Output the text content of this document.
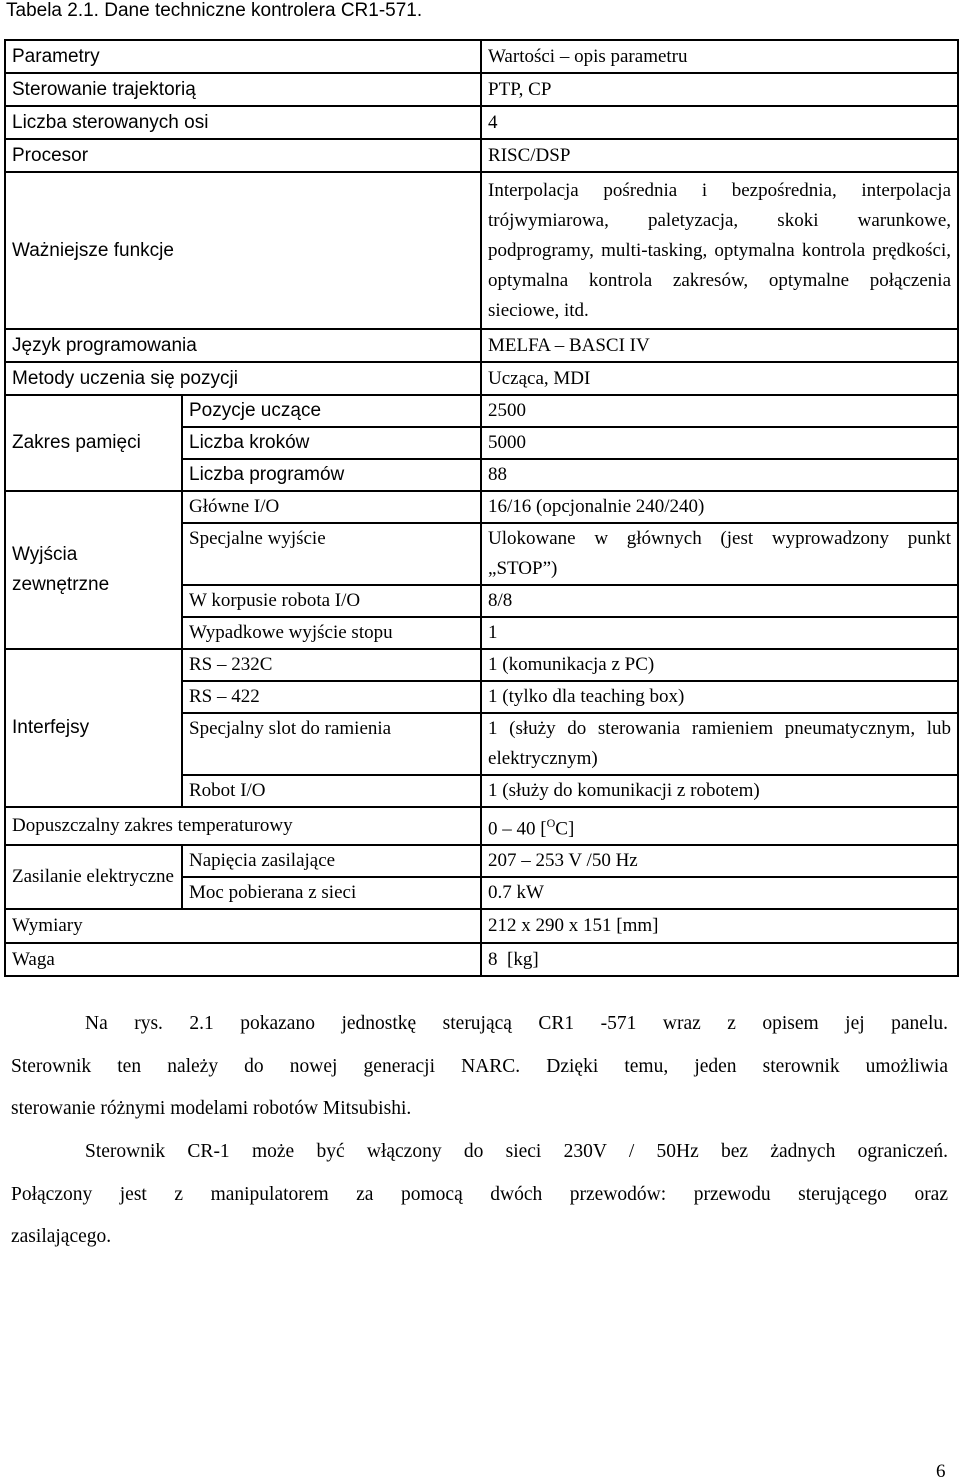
Tabela 2.1. Dane techniczne kontrolera CR1-571.
Parametry		Wartości – opis parametru
Sterowanie trajektorią		PTP, CP
Liczba sterowanych osi		4
Procesor		RISC/DSP
Ważniejsze funkcje		Interpolacja pośrednia i bezpośrednia, interpolacja trójwymiarowa, paletyzacja, skoki warunkowe, podprogramy, multi-tasking, optymalna kontrola prędkości, optymalna kontrola zakresów, optymalne połączenia sieciowe, itd.
Język programowania		MELFA – BASCI IV
Metody uczenia się pozycji		Ucząca, MDI
Zakres pamięci	Pozycje uczące	2500
	Liczba kroków	5000
	Liczba programów	88
Wyjścia zewnętrzne	Główne I/O	16/16 (opcjonalnie 240/240)
	Specjalne wyjście	Ulokowane w głównych (jest wyprowadzony punkt „STOP”)
	W korpusie robota I/O	8/8
	Wypadkowe wyjście stopu	1
Interfejsy	RS – 232C	1 (komunikacja z PC)
	RS – 422	1 (tylko dla teaching box)
	Specjalny slot do ramienia	1 (służy do sterowania ramieniem pneumatycznym, lub elektrycznym)
	Robot I/O	1 (służy do komunikacji z robotem)
Dopuszczalny zakres temperaturowy		0 – 40 [$^O$C]
Zasilanie elektryczne	Napięcia zasilające	207 – 253 V /50 Hz
	Moc pobierana z sieci	0.7 kW
Wymiary		212 x 290 x 151 [mm]
Waga		8  [kg]
Na rys. 2.1 pokazano jednostkę sterującą CR1 -571 wraz z opisem jej panelu.
Sterownik ten należy do nowej generacji NARC. Dzięki temu, jeden sterownik umożliwia
sterowanie różnymi modelami robotów Mitsubishi.
Sterownik CR-1 może być włączony do sieci 230V / 50Hz bez żadnych ograniczeń.
Połączony jest z manipulatorem za pomocą dwóch przewodów: przewodu sterującego oraz
zasilającego.
6
